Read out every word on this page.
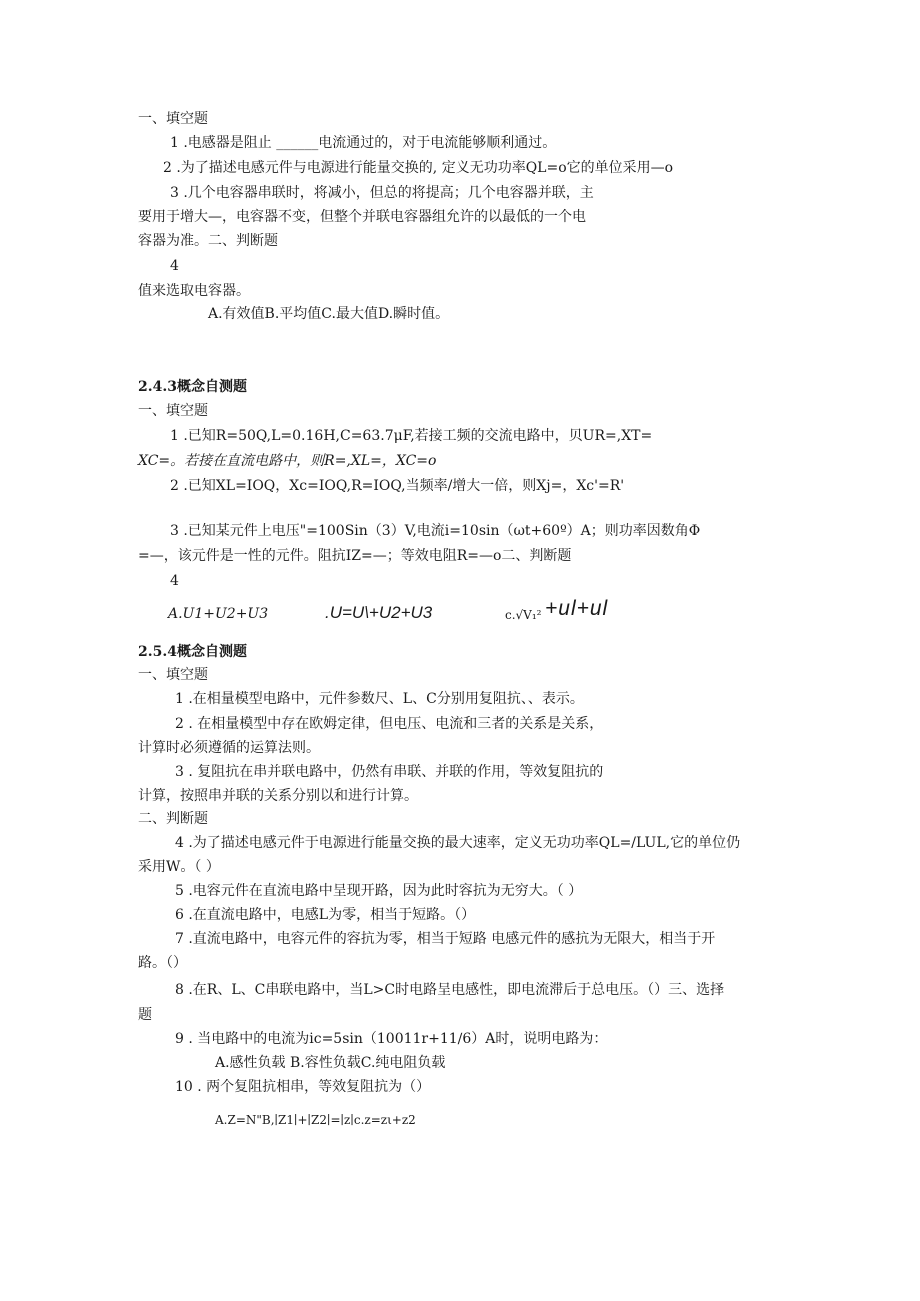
一、填空题
1 .电感器是阻止 ______电流通过的，对于电流能够顺利通过。
2 .为了描述电感元件与电源进行能量交换的, 定义无功功率QL=o它的单位采用—o
3 .几个电容器串联时，将减小，但总的将提高；几个电容器并联，主
要用于增大—，电容器不变，但整个并联电容器组允许的以最低的一个电
容器为准。二、判断题
4
值来选取电容器。
A.有效值B.平均值C.最大值D.瞬时值。
2.4.3概念自测题
一、填空题
1 .已知R=50Q,L=0.16H,C=63.7μF,若接工频的交流电路中，贝UR=,XT=
XC=。若接在直流电路中，则R=,XL=，XC=o
2 .已知XL=IOQ，Xc=IOQ,R=IOQ,当频率/增大一倍，则Xj=，Xc'=R'
3 .已知某元件上电压"=100Sin（3）V,电流i=10sin（ωt+60º）A；则功率因数角Φ
=—，该元件是一性的元件。阻抗IZ=—；等效电阻R=—o二、判断题
4
A.U1+U2+U3	.U=U\+U2+U3	c.√V₁² +ul+ul
2.5.4概念自测题
一、填空题
1 .在相量模型电路中，元件参数尺、L、C分别用复阻抗、、表示。
2 . 在相量模型中存在欧姆定律，但电压、电流和三者的关系是关系，
计算时必须遵循的运算法则。
3 . 复阻抗在串并联电路中，仍然有串联、并联的作用，等效复阻抗的
计算，按照串并联的关系分别以和进行计算。
二、判断题
4 .为了描述电感元件于电源进行能量交换的最大速率，定义无功功率QL=/LUL,它的单位仍
采用W。（ ）
5 .电容元件在直流电路中呈现开路，因为此时容抗为无穷大。（ ）
6 .在直流电路中，电感L为零，相当于短路。（）
7 .直流电路中，电容元件的容抗为零，相当于短路 电感元件的感抗为无限大，相当于开
路。（）
8 .在R、L、C串联电路中，当L>C时电路呈电感性，即电流滞后于总电压。（）三、选择
题
9 . 当电路中的电流为ic=5sin（10011r+11∕6）A时，说明电路为：
A.感性负载 B.容性负载C.纯电阻负载
10 . 两个复阻抗相串，等效复阻抗为（）
A.Z=N"B,∣Z1∣+∣Z2∣=∣z∣c.z=zι+z2
